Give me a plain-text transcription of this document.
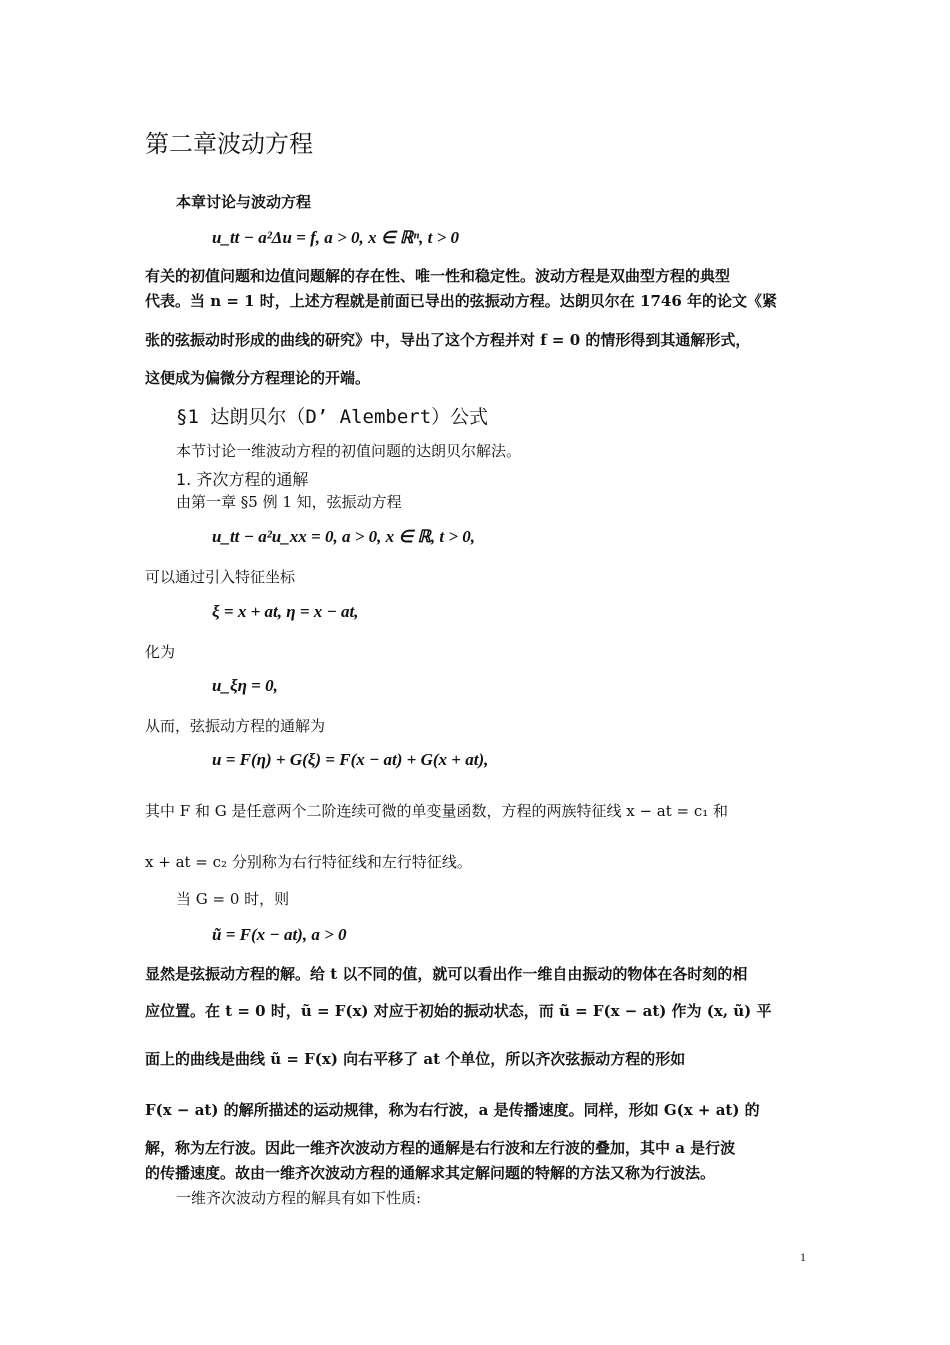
第二章波动方程
本章讨论与波动方程
u_tt − a²Δu = f, a > 0, x ∈ ℝⁿ, t > 0
有关的初值问题和边值问题解的存在性、唯一性和稳定性。波动方程是双曲型方程的典型
代表。当 n = 1 时，上述方程就是前面已导出的弦振动方程。达朗贝尔在 1746 年的论文《紧
张的弦振动时形成的曲线的研究》中，导出了这个方程并对 f = 0 的情形得到其通解形式，
这便成为偏微分方程理论的开端。
§1 达朗贝尔（D’ Alembert）公式
本节讨论一维波动方程的初值问题的达朗贝尔解法。
1. 齐次方程的通解
由第一章 §5 例 1 知，弦振动方程
u_tt − a²u_xx = 0, a > 0, x ∈ ℝ, t > 0,
可以通过引入特征坐标
ξ = x + at, η = x − at,
化为
u_ξη = 0,
从而，弦振动方程的通解为
u = F(η) + G(ξ) = F(x − at) + G(x + at),
其中 F 和 G 是任意两个二阶连续可微的单变量函数，方程的两族特征线 x − at = c₁ 和
x + at = c₂ 分别称为右行特征线和左行特征线。
当 G = 0 时，则
ũ = F(x − at), a > 0
显然是弦振动方程的解。给 t 以不同的值，就可以看出作一维自由振动的物体在各时刻的相
应位置。在 t = 0 时，ũ = F(x) 对应于初始的振动状态，而 ũ = F(x − at) 作为 (x, ũ) 平
面上的曲线是曲线 ũ = F(x) 向右平移了 at 个单位，所以齐次弦振动方程的形如
F(x − at) 的解所描述的运动规律，称为右行波，a 是传播速度。同样，形如 G(x + at) 的
解，称为左行波。因此一维齐次波动方程的通解是右行波和左行波的叠加，其中 a 是行波
的传播速度。故由一维齐次波动方程的通解求其定解问题的特解的方法又称为行波法。
一维齐次波动方程的解具有如下性质:
1
